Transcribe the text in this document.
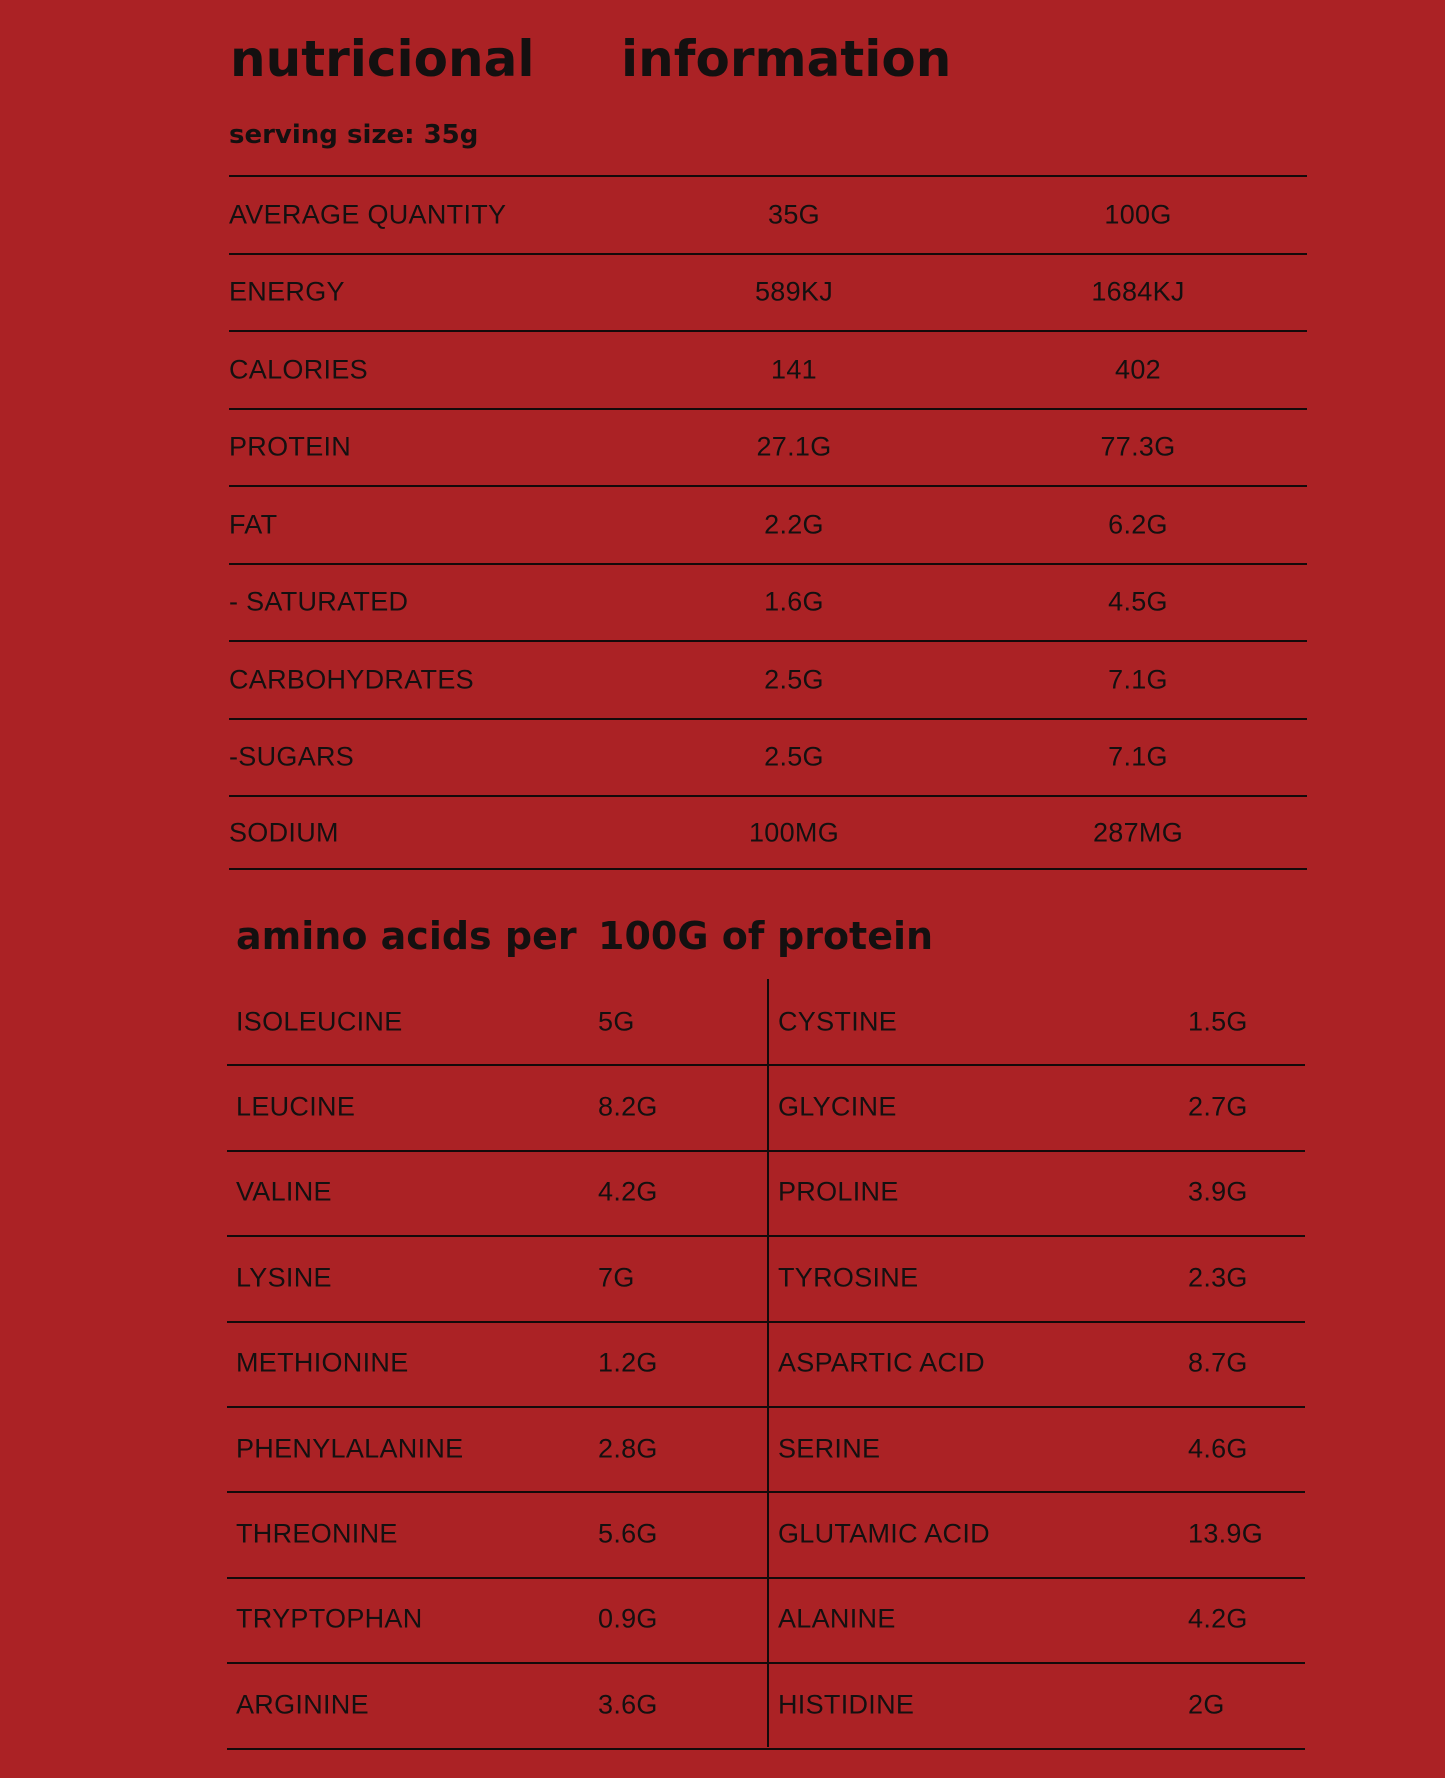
nutricional information
serving size: 35g
AVERAGE QUANTITY	35G	100G
ENERGY	589KJ	1684KJ
CALORIES	141	402
PROTEIN	27.1G	77.3G
FAT	2.2G	6.2G
- SATURATED	1.6G	4.5G
CARBOHYDRATES	2.5G	7.1G
-SUGARS	2.5G	7.1G
SODIUM	100MG	287MG
amino acids per 100G of protein
ISOLEUCINE	5G	CYSTINE	1.5G
LEUCINE	8.2G	GLYCINE	2.7G
VALINE	4.2G	PROLINE	3.9G
LYSINE	7G	TYROSINE	2.3G
METHIONINE	1.2G	ASPARTIC ACID	8.7G
PHENYLALANINE	2.8G	SERINE	4.6G
THREONINE	5.6G	GLUTAMIC ACID	13.9G
TRYPTOPHAN	0.9G	ALANINE	4.2G
ARGININE	3.6G	HISTIDINE	2G
